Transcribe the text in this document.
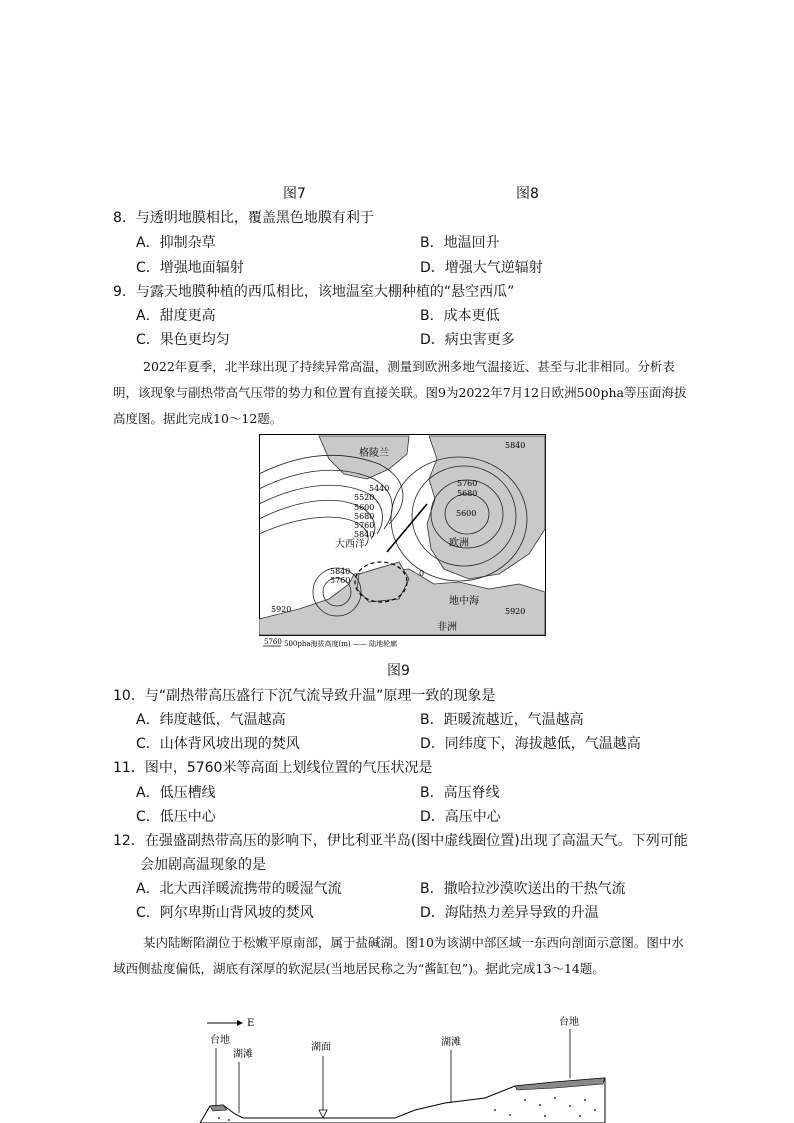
图7	图8
8．与透明地膜相比，覆盖黑色地膜有利于
A．抑制杂草	B．地温回升
C．增强地面辐射	D．增强大气逆辐射
9．与露天地膜种植的西瓜相比，该地温室大棚种植的“悬空西瓜”
A．甜度更高	B．成本更低
C．果色更均匀	D．病虫害更多
2022年夏季，北半球出现了持续异常高温，测量到欧洲多地气温接近、甚至与北非相同。分析表明，该现象与副热带高气压带的势力和位置有直接关联。图9为2022年7月12日欧洲500pha等压面海拔高度图。据此完成10～12题。
格陵兰
大西洋	欧洲
地中海
非洲
5440
5520
5600
5680
5760
5840
5840
5760
5680
5600
5840
5760
5920	5920
0
5760 500pha海拔高度(m) —— 陆地轮廓
图9
10．与“副热带高压盛行下沉气流导致升温”原理一致的现象是
A．纬度越低，气温越高	B．距暖流越近，气温越高
C．山体背风坡出现的焚风	D．同纬度下，海拔越低，气温越高
11．图中，5760米等高面上划线位置的气压状况是
A．低压槽线	B．高压脊线
C．低压中心	D．高压中心
12．在强盛副热带高压的影响下，伊比利亚半岛(图中虚线圈位置)出现了高温天气。下列可能
会加剧高温现象的是
A．北大西洋暖流携带的暖湿气流	B．撒哈拉沙漠吹送出的干热气流
C．阿尔卑斯山背风坡的焚风	D．海陆热力差异导致的升温
某内陆断陷湖位于松嫩平原南部，属于盐碱湖。图10为该湖中部区域一东西向剖面示意图。图中水域西侧盐度偏低，湖底有深厚的软泥层(当地居民称之为“酱缸包”)。据此完成13～14题。
E
台地
湖滩
湖面	湖滩
台地
